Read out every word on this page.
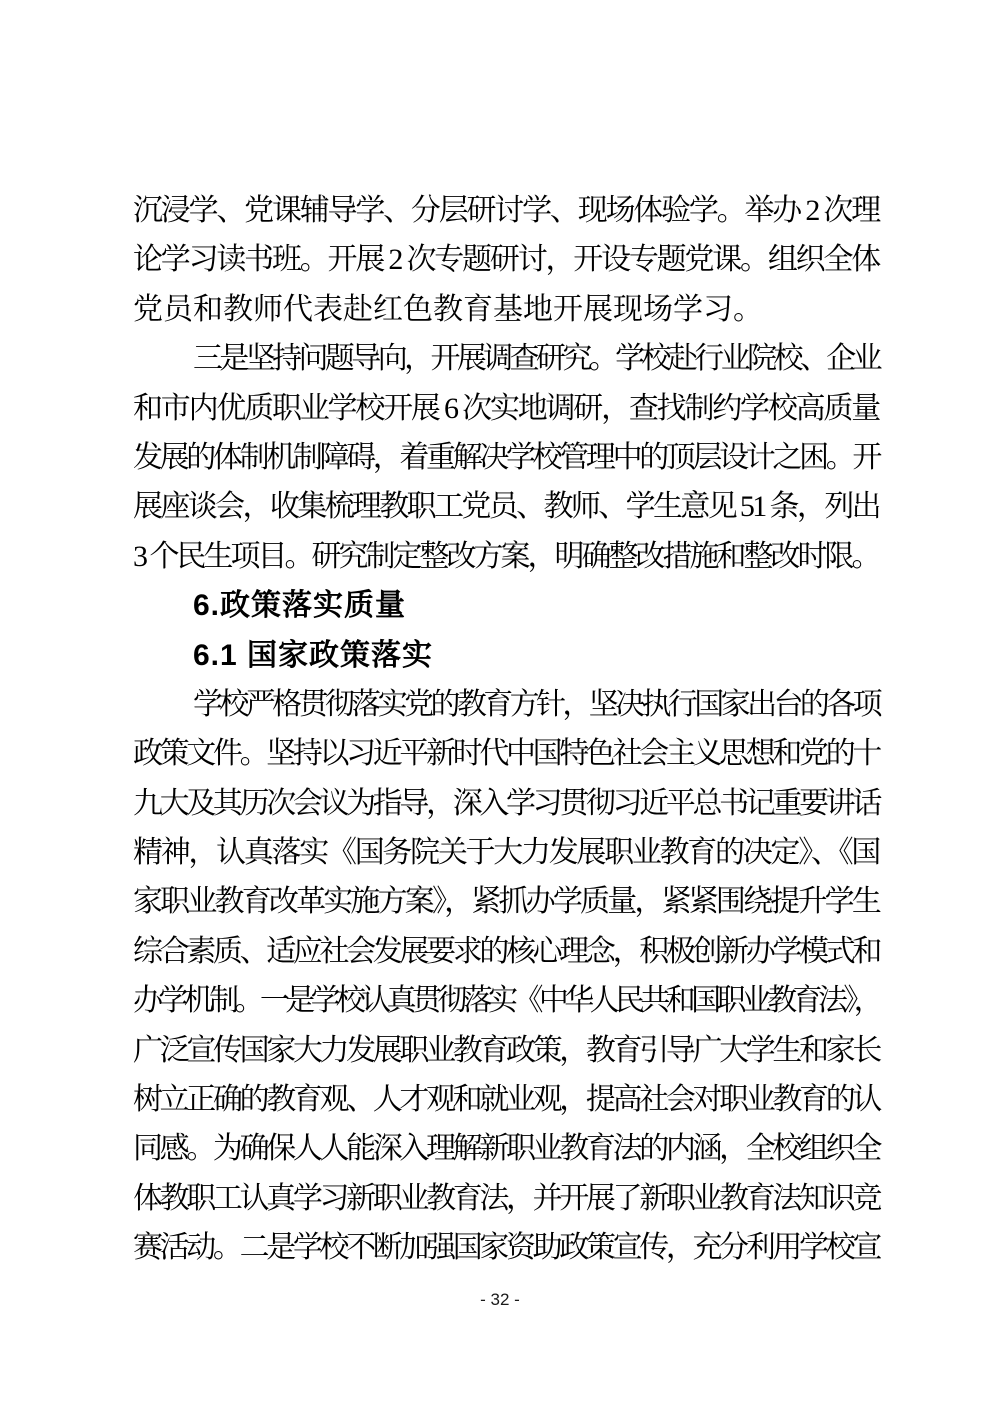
沉浸学、党课辅导学、分层研讨学、现场体验学。举办 2 次理
论学习读书班。开展 2 次专题研讨，开设专题党课。组织全体
党员和教师代表赴红色教育基地开展现场学习。
三是坚持问题导向，开展调查研究。学校赴行业院校、企业
和市内优质职业学校开展 6 次实地调研，查找制约学校高质量
发展的体制机制障碍，着重解决学校管理中的顶层设计之困。开
展座谈会，收集梳理教职工党员、教师、学生意见 51 条，列出
3 个民生项目。研究制定整改方案，明确整改措施和整改时限。
6.政策落实质量
6.1 国家政策落实
学校严格贯彻落实党的教育方针，坚决执行国家出台的各项
政策文件。坚持以习近平新时代中国特色社会主义思想和党的十
九大及其历次会议为指导，深入学习贯彻习近平总书记重要讲话
精神，认真落实《国务院关于大力发展职业教育的决定》、《国
家职业教育改革实施方案》，紧抓办学质量，紧紧围绕提升学生
综合素质、适应社会发展要求的核心理念，积极创新办学模式和
办学机制。一是学校认真贯彻落实《中华人民共和国职业教育法》，
广泛宣传国家大力发展职业教育政策，教育引导广大学生和家长
树立正确的教育观、人才观和就业观，提高社会对职业教育的认
同感。为确保人人能深入理解新职业教育法的内涵，全校组织全
体教职工认真学习新职业教育法，并开展了新职业教育法知识竞
赛活动。二是学校不断加强国家资助政策宣传，充分利用学校宣
- 32 -
